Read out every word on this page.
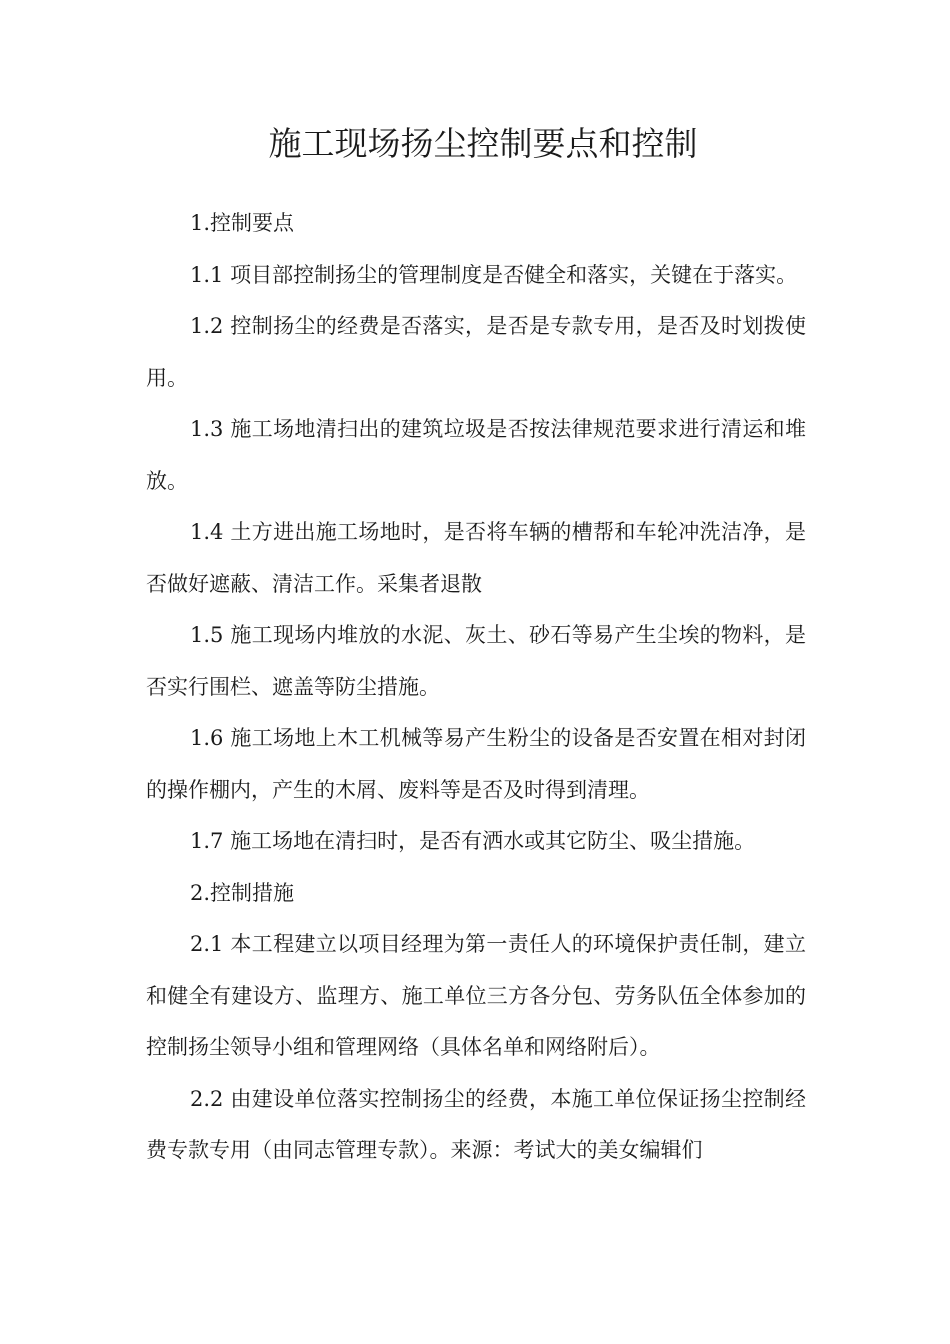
施工现场扬尘控制要点和控制

1.控制要点

1.1 项目部控制扬尘的管理制度是否健全和落实，关键在于落实。

1.2 控制扬尘的经费是否落实，是否是专款专用，是否及时划拨使用。

1.3 施工场地清扫出的建筑垃圾是否按法律规范要求进行清运和堆放。

1.4 土方进出施工场地时，是否将车辆的槽帮和车轮冲洗洁净，是否做好遮蔽、清洁工作。采集者退散

1.5 施工现场内堆放的水泥、灰土、砂石等易产生尘埃的物料，是否实行围栏、遮盖等防尘措施。

1.6 施工场地上木工机械等易产生粉尘的设备是否安置在相对封闭的操作棚内，产生的木屑、废料等是否及时得到清理。

1.7 施工场地在清扫时，是否有洒水或其它防尘、吸尘措施。

2.控制措施

2.1 本工程建立以项目经理为第一责任人的环境保护责任制，建立和健全有建设方、监理方、施工单位三方各分包、劳务队伍全体参加的控制扬尘领导小组和管理网络（具体名单和网络附后）。

2.2 由建设单位落实控制扬尘的经费，本施工单位保证扬尘控制经费专款专用（由同志管理专款）。来源：考试大的美女编辑们
